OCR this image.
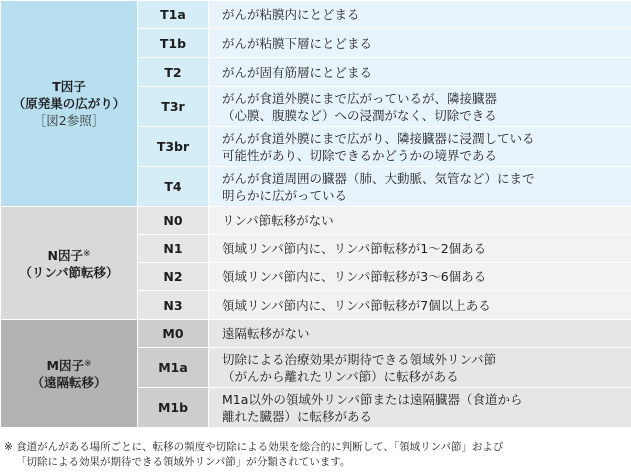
T因子
（原発巣の広がり）
［図2参照］	T1a	がんが粘膜内にとどまる

	T1b	がんが粘膜下層にとどまる

	T2	がんが固有筋層にとどまる

	T3r	がんが食道外膜にまで広がっているが、隣接臓器
（心膜、腹膜など）への浸潤がなく、切除できる

	T3br	がんが食道外膜にまで広がり、隣接臓器に浸潤している
可能性があり、切除できるかどうかの境界である

	T4	がんが食道周囲の臓器（肺、大動脈、気管など）にまで
明らかに広がっている

N因子※
（リンパ節転移）	N0	リンパ節転移がない

	N1	領域リンパ節内に、リンパ節転移が1～2個ある

	N2	領域リンパ節内に、リンパ節転移が3～6個ある

	N3	領域リンパ節内に、リンパ節転移が7個以上ある

M因子※
（遠隔転移）	M0	遠隔転移がない

	M1a	切除による治療効果が期待できる領域外リンパ節
（がんから離れたリンパ節）に転移がある

	M1b	M1a以外の領域外リンパ節または遠隔臓器（食道から
離れた臓器）に転移がある
※ 食道がんがある場所ごとに、転移の頻度や切除による効果を総合的に判断して、「領域リンパ節」および
「切除による効果が期待できる領域外リンパ節」が分類されています。
